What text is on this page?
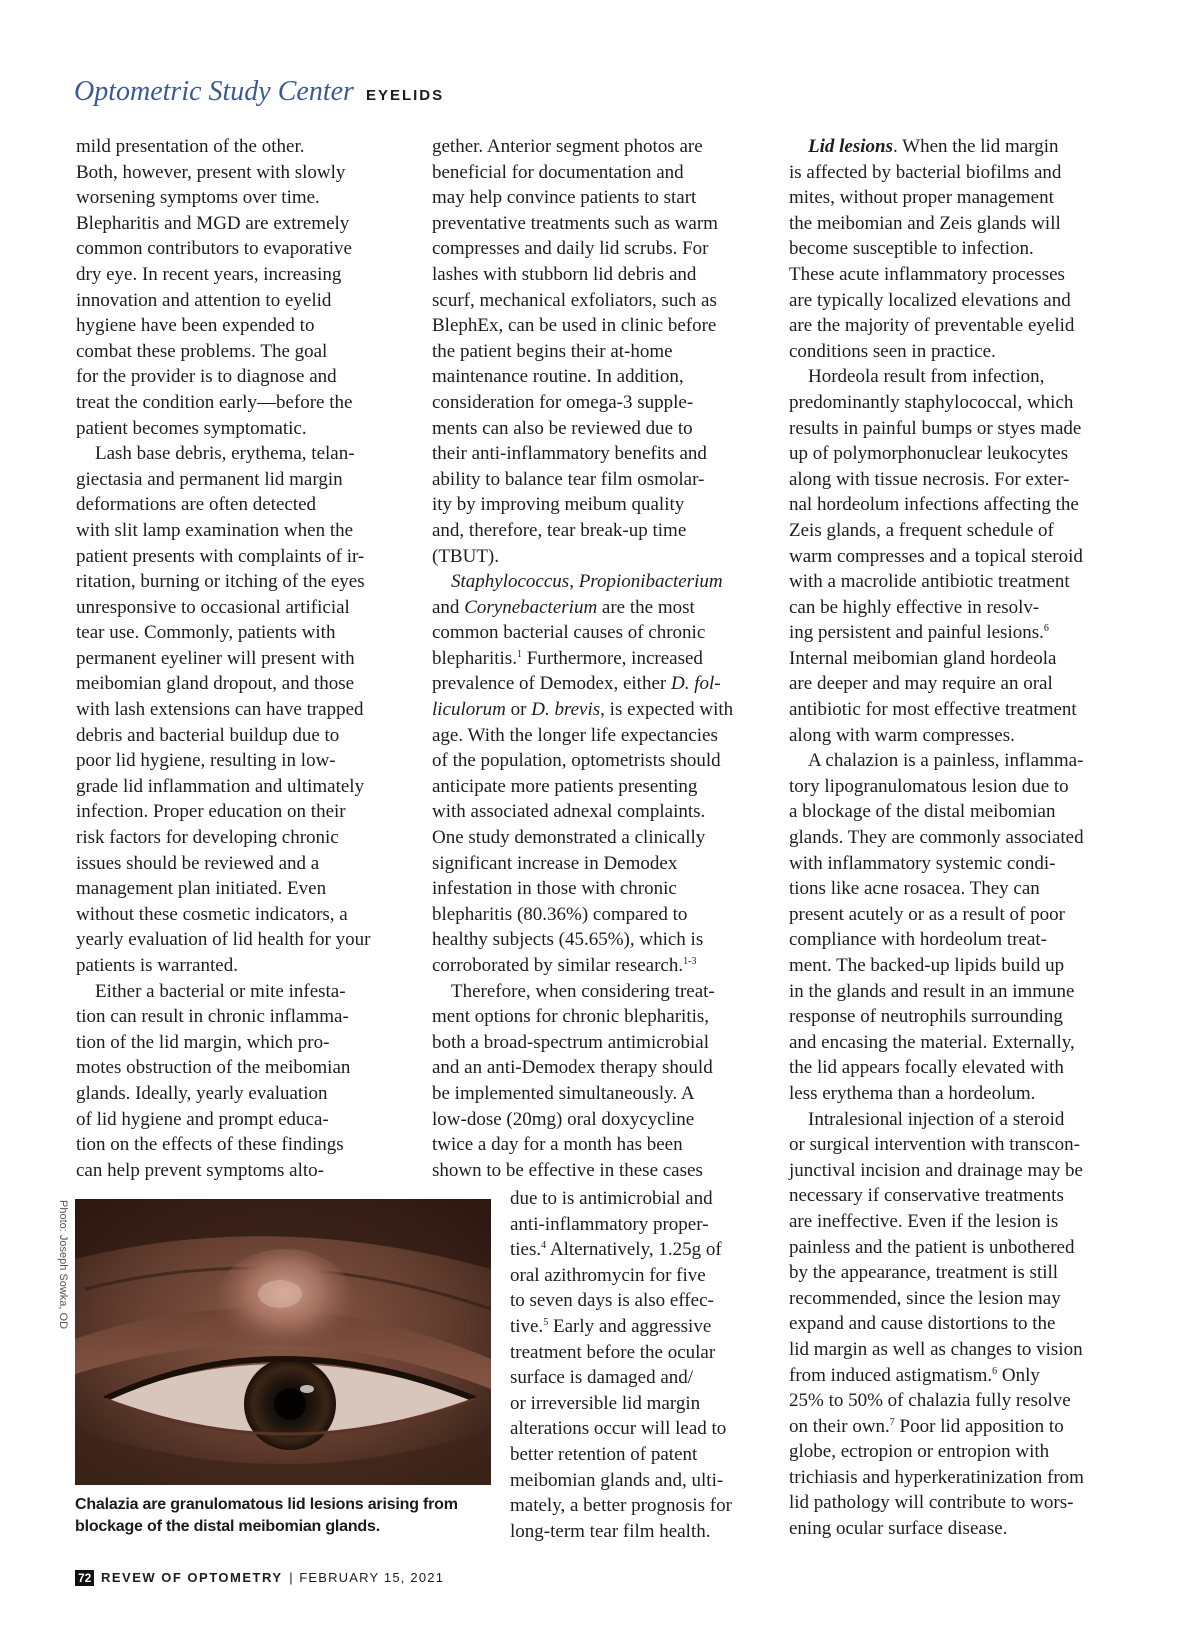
Optometric Study Center EYELIDS
mild presentation of the other.
Both, however, present with slowly
worsening symptoms over time.
Blepharitis and MGD are extremely
common contributors to evaporative
dry eye. In recent years, increasing
innovation and attention to eyelid
hygiene have been expended to
combat these problems. The goal
for the provider is to diagnose and
treat the condition early—before the
patient becomes symptomatic.
Lash base debris, erythema, telan-
giectasia and permanent lid margin
deformations are often detected
with slit lamp examination when the
patient presents with complaints of ir-
ritation, burning or itching of the eyes
unresponsive to occasional artificial
tear use. Commonly, patients with
permanent eyeliner will present with
meibomian gland dropout, and those
with lash extensions can have trapped
debris and bacterial buildup due to
poor lid hygiene, resulting in low-
grade lid inflammation and ultimately
infection. Proper education on their
risk factors for developing chronic
issues should be reviewed and a
management plan initiated. Even
without these cosmetic indicators, a
yearly evaluation of lid health for your
patients is warranted.
Either a bacterial or mite infesta-
tion can result in chronic inflamma-
tion of the lid margin, which pro-
motes obstruction of the meibomian
glands. Ideally, yearly evaluation
of lid hygiene and prompt educa-
tion on the effects of these findings
can help prevent symptoms alto-
gether. Anterior segment photos are
beneficial for documentation and
may help convince patients to start
preventative treatments such as warm
compresses and daily lid scrubs. For
lashes with stubborn lid debris and
scurf, mechanical exfoliators, such as
BlephEx, can be used in clinic before
the patient begins their at-home
maintenance routine. In addition,
consideration for omega-3 supple-
ments can also be reviewed due to
their anti-inflammatory benefits and
ability to balance tear film osmolar-
ity by improving meibum quality
and, therefore, tear break-up time
(TBUT).
Staphylococcus, Propionibacterium
and Corynebacterium are the most
common bacterial causes of chronic
blepharitis.$^1$ Furthermore, increased
prevalence of Demodex, either D. fol-
liculorum or D. brevis, is expected with
age. With the longer life expectancies
of the population, optometrists should
anticipate more patients presenting
with associated adnexal complaints.
One study demonstrated a clinically
significant increase in Demodex
infestation in those with chronic
blepharitis (80.36%) compared to
healthy subjects (45.65%), which is
corroborated by similar research.$^{1-3}$
Therefore, when considering treat-
ment options for chronic blepharitis,
both a broad-spectrum antimicrobial
and an anti-Demodex therapy should
be implemented simultaneously. A
low-dose (20mg) oral doxycycline
twice a day for a month has been
shown to be effective in these cases
due to is antimicrobial and
anti-inflammatory proper-
ties.$^4$ Alternatively, 1.25g of
oral azithromycin for five
to seven days is also effec-
tive.$^5$ Early and aggressive
treatment before the ocular
surface is damaged and/
or irreversible lid margin
alterations occur will lead to
better retention of patent
meibomian glands and, ulti-
mately, a better prognosis for
long-term tear film health.
Lid lesions. When the lid margin
is affected by bacterial biofilms and
mites, without proper management
the meibomian and Zeis glands will
become susceptible to infection.
These acute inflammatory processes
are typically localized elevations and
are the majority of preventable eyelid
conditions seen in practice.
Hordeola result from infection,
predominantly staphylococcal, which
results in painful bumps or styes made
up of polymorphonuclear leukocytes
along with tissue necrosis. For exter-
nal hordeolum infections affecting the
Zeis glands, a frequent schedule of
warm compresses and a topical steroid
with a macrolide antibiotic treatment
can be highly effective in resolv-
ing persistent and painful lesions.$^6$
Internal meibomian gland hordeola
are deeper and may require an oral
antibiotic for most effective treatment
along with warm compresses.
A chalazion is a painless, inflamma-
tory lipogranulomatous lesion due to
a blockage of the distal meibomian
glands. They are commonly associated
with inflammatory systemic condi-
tions like acne rosacea. They can
present acutely or as a result of poor
compliance with hordeolum treat-
ment. The backed-up lipids build up
in the glands and result in an immune
response of neutrophils surrounding
and encasing the material. Externally,
the lid appears focally elevated with
less erythema than a hordeolum.
Intralesional injection of a steroid
or surgical intervention with transcon-
junctival incision and drainage may be
necessary if conservative treatments
are ineffective. Even if the lesion is
painless and the patient is unbothered
by the appearance, treatment is still
recommended, since the lesion may
expand and cause distortions to the
lid margin as well as changes to vision
from induced astigmatism.$^6$ Only
25% to 50% of chalazia fully resolve
on their own.$^7$ Poor lid apposition to
globe, ectropion or entropion with
trichiasis and hyperkeratinization from
lid pathology will contribute to wors-
ening ocular surface disease.
Photo: Joseph Sowka, OD
Chalazia are granulomatous lid lesions arising from blockage of the distal meibomian glands.
72 REVEW OF OPTOMETRY | FEBRUARY 15, 2021
